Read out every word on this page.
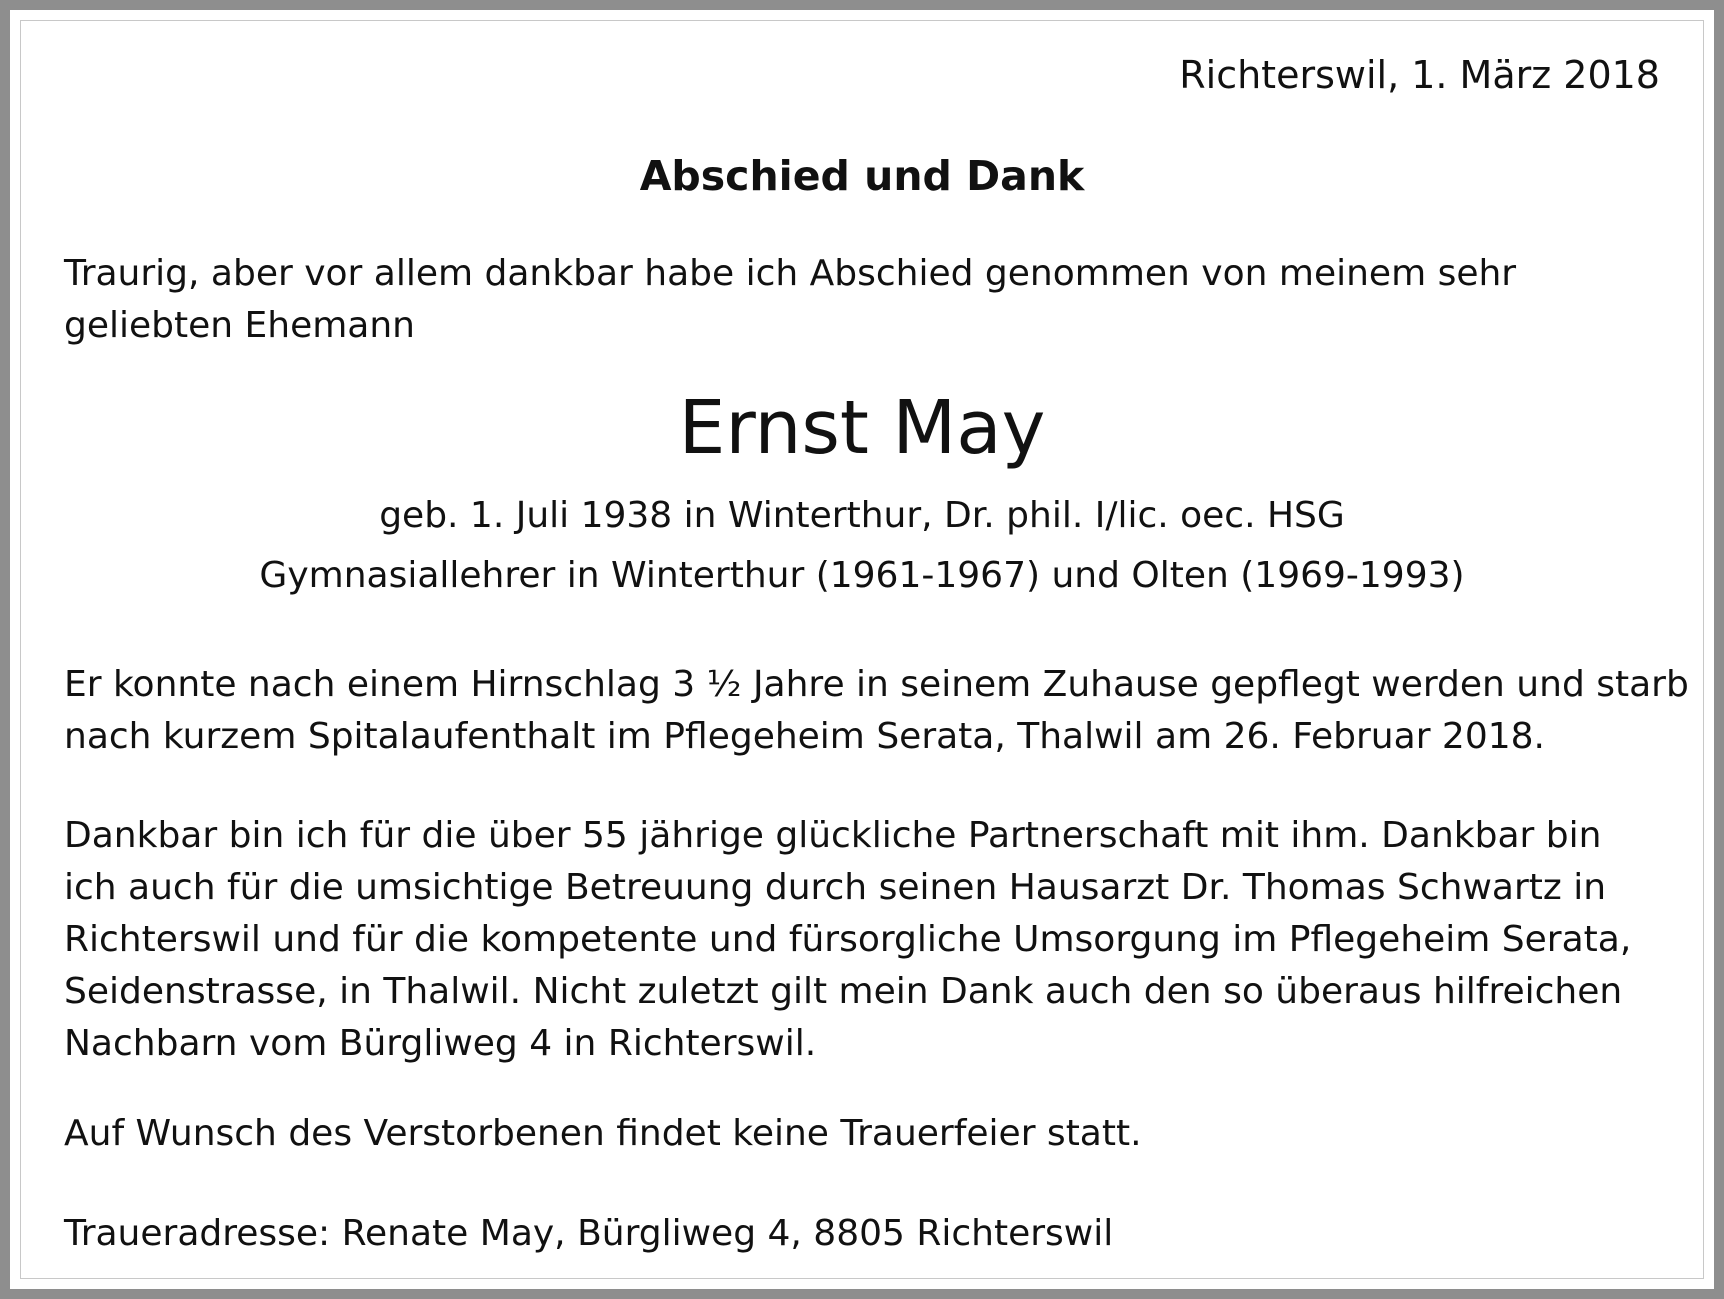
Richterswil, 1. März 2018
Abschied und Dank
Traurig, aber vor allem dankbar habe ich Abschied genommen von meinem sehr
geliebten Ehemann
Ernst May
geb. 1. Juli 1938 in Winterthur, Dr. phil. I/lic. oec. HSG
Gymnasiallehrer in Winterthur (1961-1967) und Olten (1969-1993)
Er konnte nach einem Hirnschlag 3 ½ Jahre in seinem Zuhause gepflegt werden und starb
nach kurzem Spitalaufenthalt im Pflegeheim Serata, Thalwil am 26. Februar 2018.
Dankbar bin ich für die über 55 jährige glückliche Partnerschaft mit ihm. Dankbar bin
ich auch für die umsichtige Betreuung durch seinen Hausarzt Dr. Thomas Schwartz in
Richterswil und für die kompetente und fürsorgliche Umsorgung im Pflegeheim Serata,
Seidenstrasse, in Thalwil. Nicht zuletzt gilt mein Dank auch den so überaus hilfreichen
Nachbarn vom Bürgliweg 4 in Richterswil.
Auf Wunsch des Verstorbenen findet keine Trauerfeier statt.
Traueradresse: Renate May, Bürgliweg 4, 8805 Richterswil
